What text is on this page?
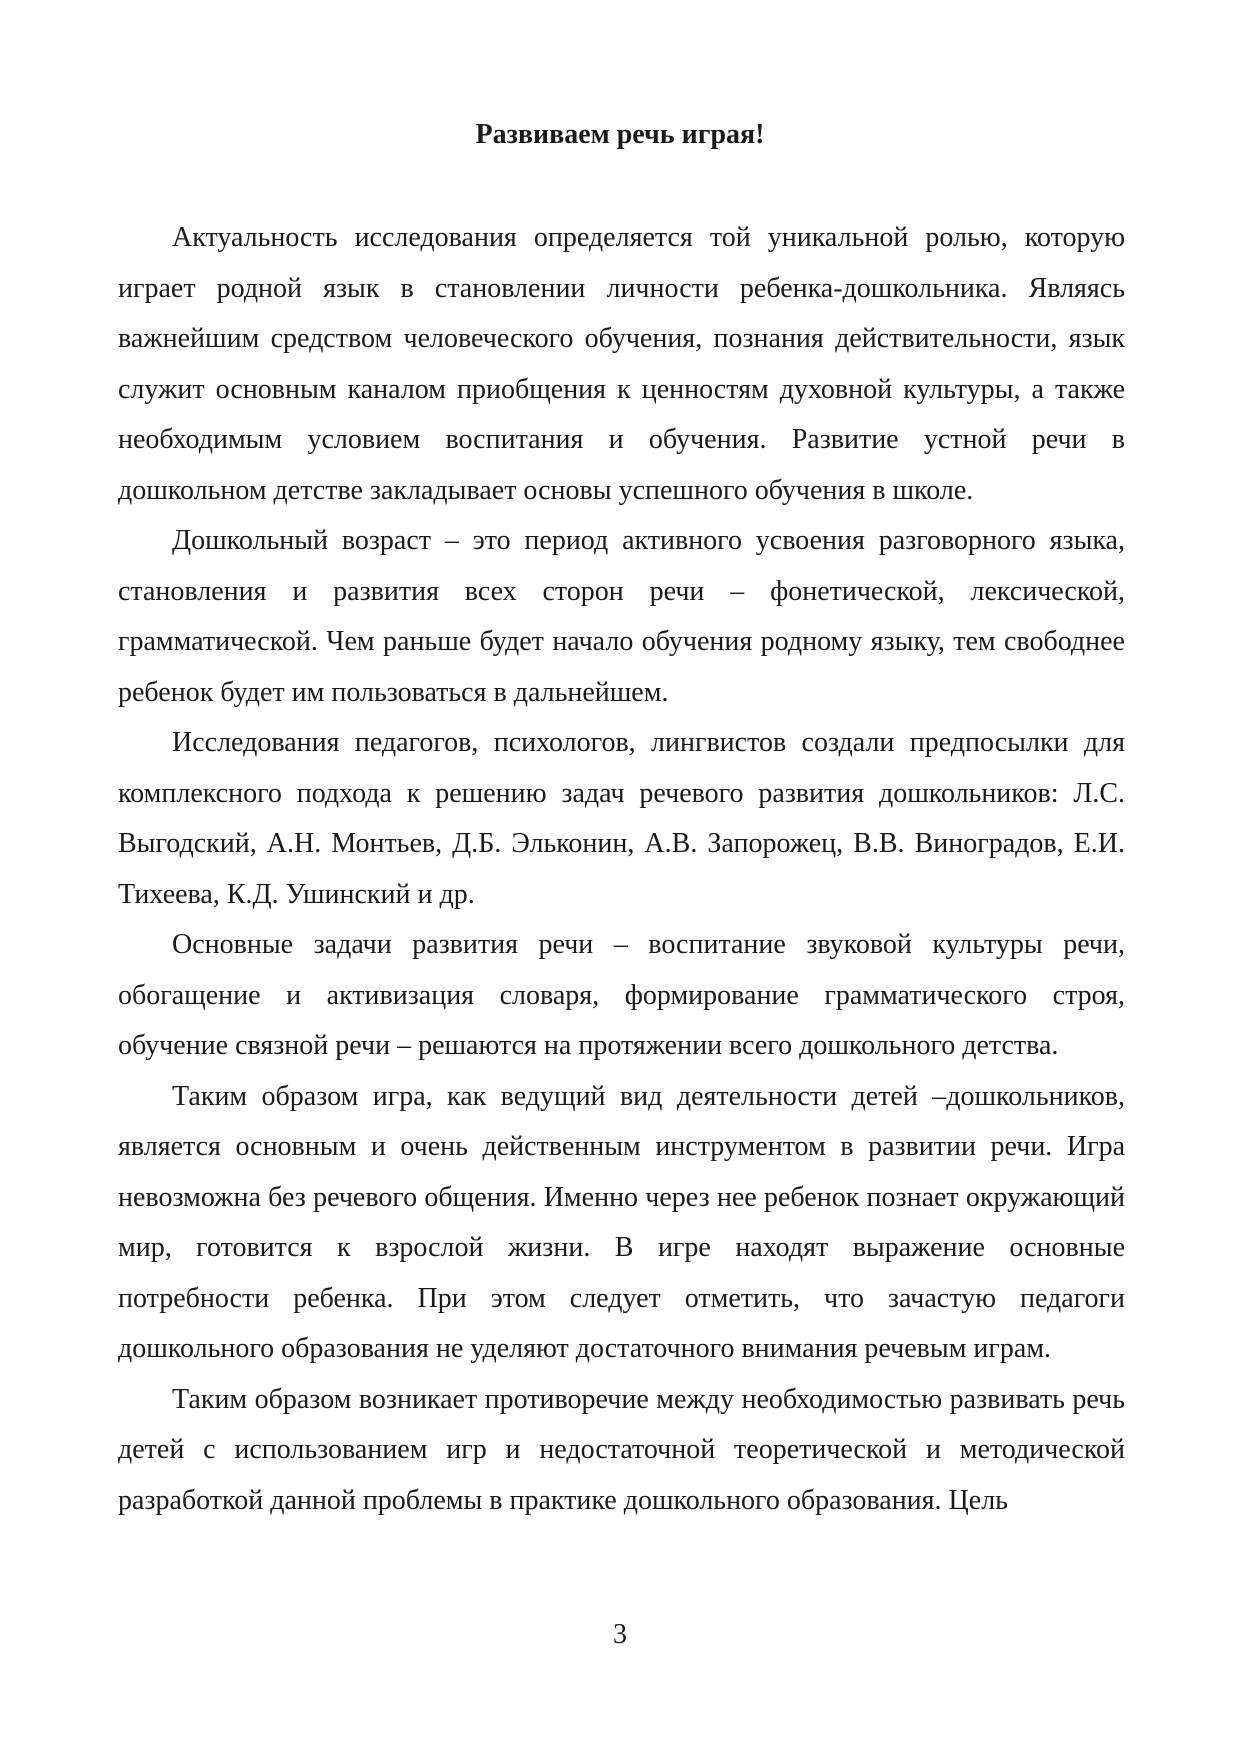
Развиваем речь играя!

Актуальность исследования определяется той уникальной ролью, которую играет родной язык в становлении личности ребенка-дошкольника. Являясь важнейшим средством человеческого обучения, познания действительности, язык служит основным каналом приобщения к ценностям духовной культуры, а также необходимым условием воспитания и обучения. Развитие устной речи в дошкольном детстве закладывает основы успешного обучения в школе.

Дошкольный возраст – это период активного усвоения разговорного языка, становления и развития всех сторон речи – фонетической, лексической, грамматической. Чем раньше будет начало обучения родному языку, тем свободнее ребенок будет им пользоваться в дальнейшем.

Исследования педагогов, психологов, лингвистов создали предпосылки для комплексного подхода к решению задач речевого развития дошкольников: Л.С. Выгодский, А.Н. Монтьев, Д.Б. Эльконин, А.В. Запорожец, В.В. Виноградов, Е.И. Тихеева, К.Д. Ушинский и др.

Основные задачи развития речи – воспитание звуковой культуры речи, обогащение и активизация словаря, формирование грамматического строя, обучение связной речи – решаются на протяжении всего дошкольного детства.

Таким образом игра, как ведущий вид деятельности детей –дошкольников, является основным и очень действенным инструментом в развитии речи. Игра невозможна без речевого общения. Именно через нее ребенок познает окружающий мир, готовится к взрослой жизни. В игре находят выражение основные потребности ребенка. При этом следует отметить, что зачастую педагоги дошкольного образования не уделяют достаточного внимания речевым играм.

Таким образом возникает противоречие между необходимостью развивать речь детей с использованием игр и недостаточной теоретической и методической разработкой данной проблемы в практике дошкольного образования. Цель

3
